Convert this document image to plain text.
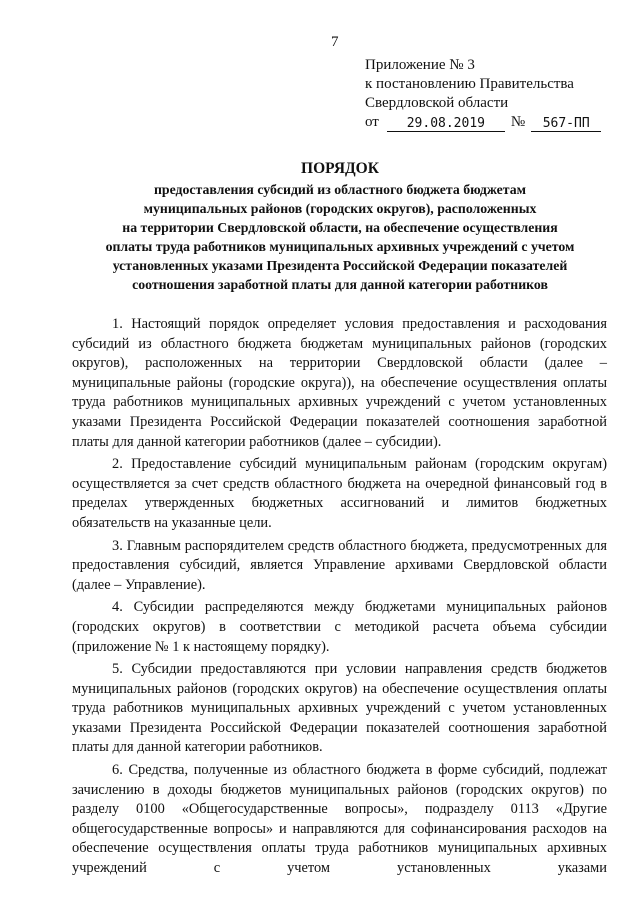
7
Приложение № 3
к постановлению Правительства
Свердловской области
от	29.08.2019	№	567-ПП
ПОРЯДОК
предоставления субсидий из областного бюджета бюджетам
муниципальных районов (городских округов), расположенных
на территории Свердловской области, на обеспечение осуществления
оплаты труда работников муниципальных архивных учреждений с учетом
установленных указами Президента Российской Федерации показателей
соотношения заработной платы для данной категории работников

1. Настоящий порядок определяет условия предоставления и расходования субсидий из областного бюджета бюджетам муниципальных районов (городских округов), расположенных на территории Свердловской области (далее – муниципальные районы (городские округа)), на обеспечение осуществления оплаты труда работников муниципальных архивных учреждений с учетом установленных указами Президента Российской Федерации показателей соотношения заработной платы для данной категории работников (далее – субсидии).

2. Предоставление субсидий муниципальным районам (городским округам) осуществляется за счет средств областного бюджета на очередной финансовый год в пределах утвержденных бюджетных ассигнований и лимитов бюджетных обязательств на указанные цели.

3. Главным распорядителем средств областного бюджета, предусмотренных для предоставления субсидий, является Управление архивами Свердловской области (далее – Управление).

4. Субсидии распределяются между бюджетами муниципальных районов (городских округов) в соответствии с методикой расчета объема субсидии (приложение № 1 к настоящему порядку).

5. Субсидии предоставляются при условии направления средств бюджетов муниципальных районов (городских округов) на обеспечение осуществления оплаты труда работников муниципальных архивных учреждений с учетом установленных указами Президента Российской Федерации показателей соотношения заработной платы для данной категории работников.

6. Средства, полученные из областного бюджета в форме субсидий, подлежат зачислению в доходы бюджетов муниципальных районов (городских округов) по разделу 0100 «Общегосударственные вопросы», подразделу 0113 «Другие общегосударственные вопросы» и направляются для софинансирования расходов на обеспечение осуществления оплаты труда работников муниципальных архивных учреждений с учетом установленных указами
